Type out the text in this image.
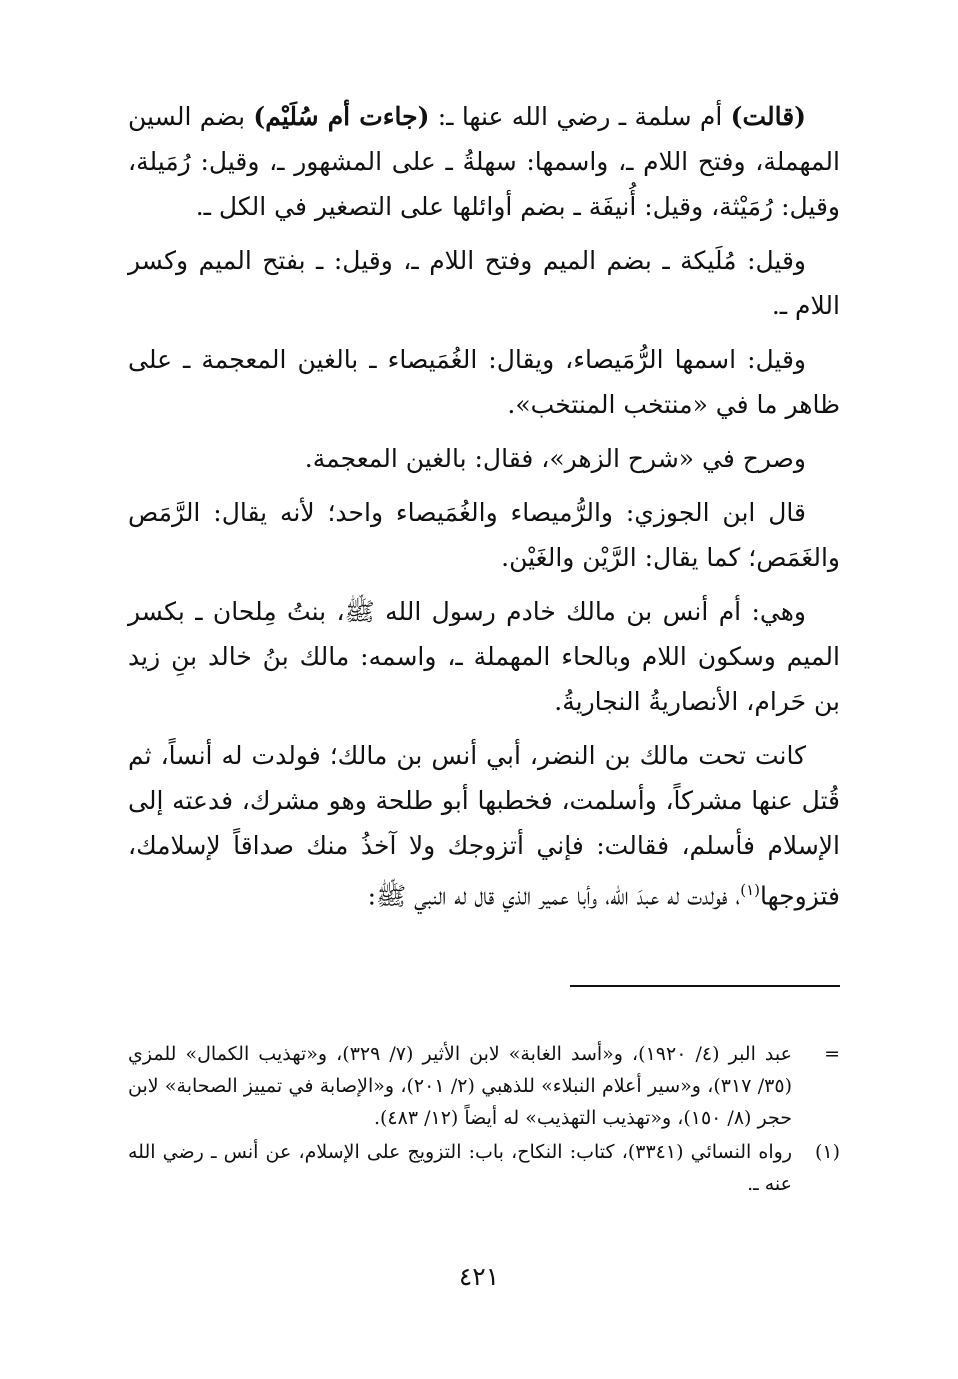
(قالت) أم سلمة ـ رضي الله عنها ـ: (جاءت أم سُلَيْم) بضم السين المهملة، وفتح اللام ـ، واسمها: سهلةُ ـ على المشهور ـ، وقيل: رُمَيلة، وقيل: رُمَيْثة، وقيل: أُنيفَة ـ بضم أوائلها على التصغير في الكل ـ.

وقيل: مُلَيكة ـ بضم الميم وفتح اللام ـ، وقيل: ـ بفتح الميم وكسر اللام ـ.

وقيل: اسمها الرُّمَيصاء، ويقال: الغُمَيصاء ـ بالغين المعجمة ـ على ظاهر ما في «منتخب المنتخب».

وصرح في «شرح الزهر»، فقال: بالغين المعجمة.

قال ابن الجوزي: والرُّميصاء والغُمَيصاء واحد؛ لأنه يقال: الرَّمَص والغَمَص؛ كما يقال: الرَّيْن والغَيْن.

وهي: أم أنس بن مالك خادم رسول الله ﷺ، بنتُ مِلحان ـ بكسر الميم وسكون اللام وبالحاء المهملة ـ، واسمه: مالك بنُ خالد بنِ زيد بن حَرام، الأنصاريةُ النجاريةُ.

كانت تحت مالك بن النضر، أبي أنس بن مالك؛ فولدت له أنساً، ثم قُتل عنها مشركاً، وأسلمت، فخطبها أبو طلحة وهو مشرك، فدعته إلى الإسلام فأسلم، فقالت: فإني أتزوجك ولا آخذُ منك صداقاً لإسلامك، فتزوجها$^{(١)}$، فولدت له عبدَ الله، وأبا عمير الذي قال له النبي ﷺ:

=
عبد البر (٤/ ١٩٢٠)، و«أسد الغابة» لابن الأثير (٧/ ٣٢٩)، و«تهذيب الكمال» للمزي (٣٥/ ٣١٧)، و«سير أعلام النبلاء» للذهبي (٢/ ٢٠١)، و«الإصابة في تمييز الصحابة» لابن حجر (٨/ ١٥٠)، و«تهذيب التهذيب» له أيضاً (١٢/ ٤٨٣).
(١)
رواه النسائي (٣٣٤١)، كتاب: النكاح، باب: التزويج على الإسلام، عن أنس ـ رضي الله عنه ـ.
٤٢١
